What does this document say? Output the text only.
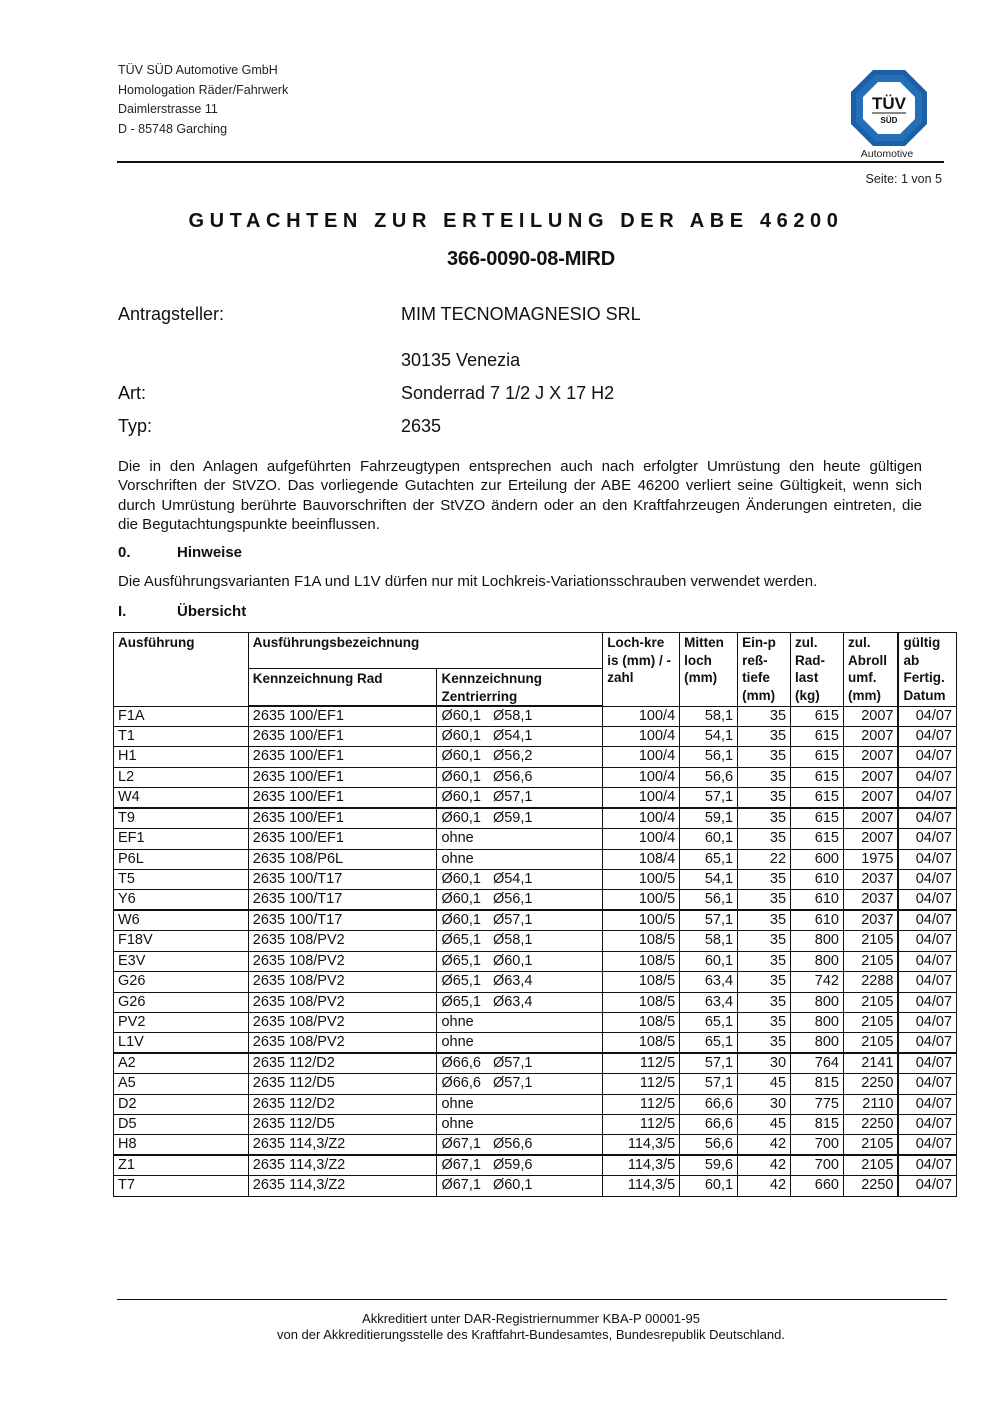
TÜV SÜD Automotive GmbH
Homologation Räder/Fahrwerk
Daimlerstrasse 11
D - 85748 Garching
TÜV
SÜD
Automotive
Seite: 1 von 5
GUTACHTEN ZUR ERTEILUNG DER ABE 46200
366-0090-08-MIRD
Antragsteller:	MIM TECNOMAGNESIO SRL
30135 Venezia
Art:	Sonderrad 7 1/2 J X 17 H2
Typ:	2635

Die in den Anlagen aufgeführten Fahrzeugtypen entsprechen auch nach erfolgter Umrüstung den heute gültigen Vorschriften der StVZO. Das vorliegende Gutachten zur Erteilung der ABE 46200 verliert seine Gültigkeit, wenn sich durch Umrüstung berührte Bauvorschriften der StVZO ändern oder an den Kraftfahrzeugen Änderungen eintreten, die die Begutachtungspunkte beeinflussen.

0.	Hinweise
Die Ausführungsvarianten F1A und L1V dürfen nur mit Lochkreis-Variationsschrauben verwendet werden.
I.	Übersicht
Ausführung	Ausführungsbezeichnung		Loch-kre is (mm) / -zahl	Mitten loch (mm)	Ein-p reß- tiefe (mm)	zul. Rad- last (kg)	zul. Abroll umf. (mm)	gültig ab Fertig. Datum
	Kennzeichnung Rad	Kennzeichnung Zentrierring						
F1A	2635 100/EF1	Ø60,1 Ø58,1	100/4	58,1	35	615	2007	04/07
T1	2635 100/EF1	Ø60,1 Ø54,1	100/4	54,1	35	615	2007	04/07
H1	2635 100/EF1	Ø60,1 Ø56,2	100/4	56,1	35	615	2007	04/07
L2	2635 100/EF1	Ø60,1 Ø56,6	100/4	56,6	35	615	2007	04/07
W4	2635 100/EF1	Ø60,1 Ø57,1	100/4	57,1	35	615	2007	04/07
T9	2635 100/EF1	Ø60,1 Ø59,1	100/4	59,1	35	615	2007	04/07
EF1	2635 100/EF1	ohne	100/4	60,1	35	615	2007	04/07
P6L	2635 108/P6L	ohne	108/4	65,1	22	600	1975	04/07
T5	2635 100/T17	Ø60,1 Ø54,1	100/5	54,1	35	610	2037	04/07
Y6	2635 100/T17	Ø60,1 Ø56,1	100/5	56,1	35	610	2037	04/07
W6	2635 100/T17	Ø60,1 Ø57,1	100/5	57,1	35	610	2037	04/07
F18V	2635 108/PV2	Ø65,1 Ø58,1	108/5	58,1	35	800	2105	04/07
E3V	2635 108/PV2	Ø65,1 Ø60,1	108/5	60,1	35	800	2105	04/07
G26	2635 108/PV2	Ø65,1 Ø63,4	108/5	63,4	35	742	2288	04/07
G26	2635 108/PV2	Ø65,1 Ø63,4	108/5	63,4	35	800	2105	04/07
PV2	2635 108/PV2	ohne	108/5	65,1	35	800	2105	04/07
L1V	2635 108/PV2	ohne	108/5	65,1	35	800	2105	04/07
A2	2635 112/D2	Ø66,6 Ø57,1	112/5	57,1	30	764	2141	04/07
A5	2635 112/D5	Ø66,6 Ø57,1	112/5	57,1	45	815	2250	04/07
D2	2635 112/D2	ohne	112/5	66,6	30	775	2110	04/07
D5	2635 112/D5	ohne	112/5	66,6	45	815	2250	04/07
H8	2635 114,3/Z2	Ø67,1 Ø56,6	114,3/5	56,6	42	700	2105	04/07
Z1	2635 114,3/Z2	Ø67,1 Ø59,6	114,3/5	59,6	42	700	2105	04/07
T7	2635 114,3/Z2	Ø67,1 Ø60,1	114,3/5	60,1	42	660	2250	04/07
Akkreditiert unter DAR-Registriernummer KBA-P 00001-95
von der Akkreditierungsstelle des Kraftfahrt-Bundesamtes, Bundesrepublik Deutschland.
